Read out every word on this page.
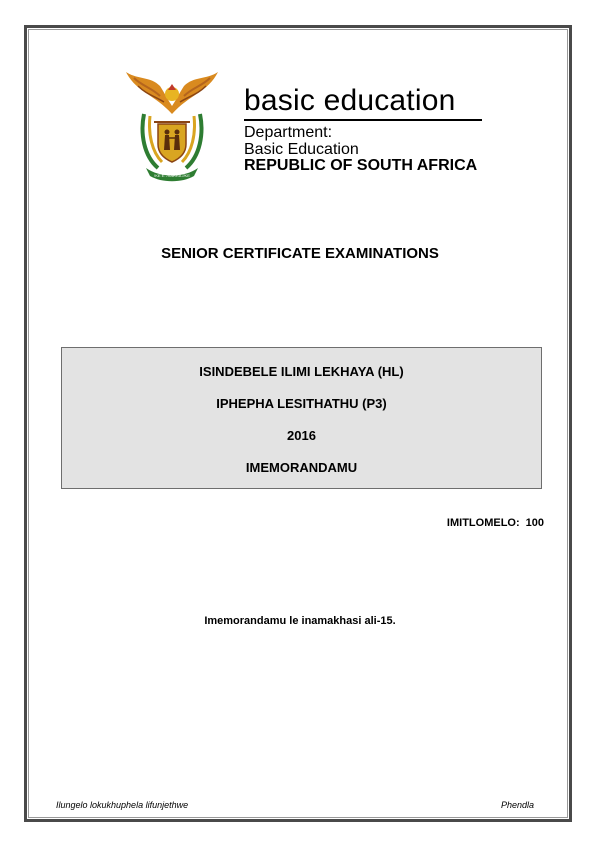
!KE E: /XARRA //KE
basic education
Department:
Basic Education
REPUBLIC OF SOUTH AFRICA
SENIOR CERTIFICATE EXAMINATIONS
ISINDEBELE ILIMI LEKHAYA (HL)
IPHEPHA LESITHATHU (P3)
2016
IMEMORANDAMU
IMITLOMELO: 100
Imemorandamu le inamakhasi ali-15.
Ilungelo lokukhuphela lifunjethwe	Phendla
